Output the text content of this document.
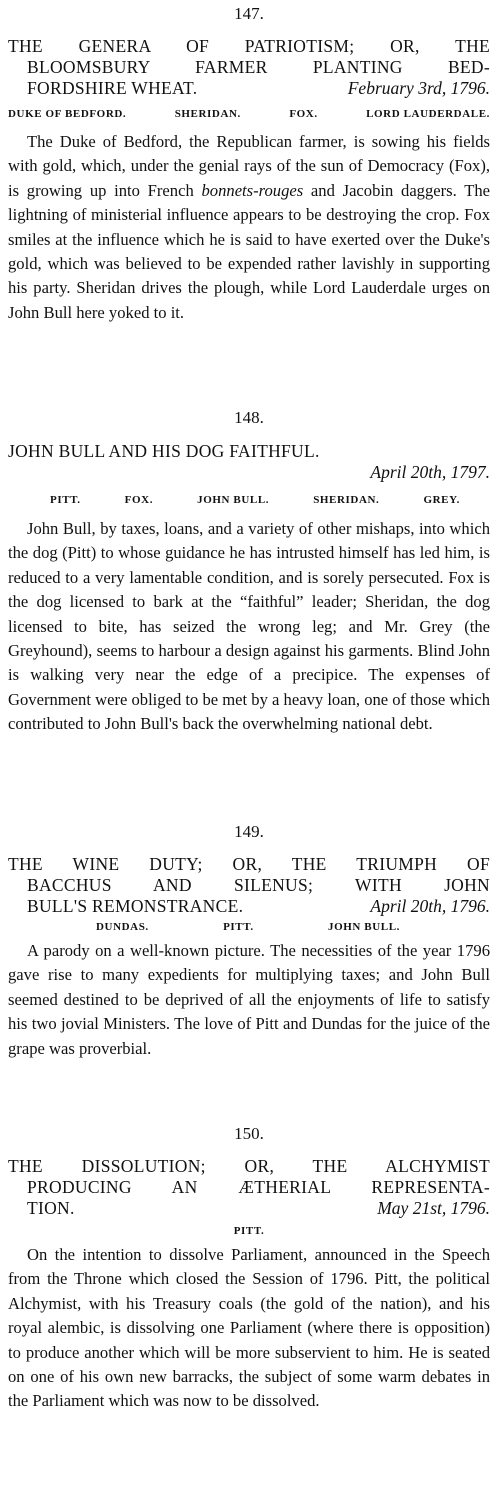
147.
THE GENERA OF PATRIOTISM; OR, THE
BLOOMSBURY FARMER PLANTING BED-
FORDSHIRE WHEAT.	February 3rd, 1796.
DUKE OF BEDFORD.	SHERIDAN.	FOX.	LORD LAUDERDALE.

The Duke of Bedford, the Republican farmer, is sowing his fields with gold, which, under the genial rays of the sun of Democracy (Fox), is growing up into French bonnets-rouges and Jacobin daggers. The lightning of ministerial influence appears to be destroying the crop. Fox smiles at the influence which he is said to have exerted over the Duke's gold, which was believed to be expended rather lavishly in supporting his party. Sheridan drives the plough, while Lord Lauderdale urges on John Bull here yoked to it.

148.
JOHN BULL AND HIS DOG FAITHFUL.
April 20th, 1797.
PITT.	FOX.	JOHN BULL.	SHERIDAN.	GREY.

John Bull, by taxes, loans, and a variety of other mishaps, into which the dog (Pitt) to whose guidance he has intrusted himself has led him, is reduced to a very lamentable condition, and is sorely persecuted. Fox is the dog licensed to bark at the “faithful” leader; Sheridan, the dog licensed to bite, has seized the wrong leg; and Mr. Grey (the Greyhound), seems to harbour a design against his garments. Blind John is walking very near the edge of a precipice. The expenses of Government were obliged to be met by a heavy loan, one of those which contributed to John Bull's back the overwhelming national debt.

149.
THE WINE DUTY; OR, THE TRIUMPH OF
BACCHUS AND SILENUS; WITH JOHN
BULL'S REMONSTRANCE.	April 20th, 1796.
DUNDAS.	PITT.	JOHN BULL.

A parody on a well-known picture. The necessities of the year 1796 gave rise to many expedients for multiplying taxes; and John Bull seemed destined to be deprived of all the enjoyments of life to satisfy his two jovial Ministers. The love of Pitt and Dundas for the juice of the grape was proverbial.

150.
THE DISSOLUTION; OR, THE ALCHYMIST
PRODUCING AN ÆTHERIAL REPRESENTA-
TION.	May 21st, 1796.
PITT.

On the intention to dissolve Parliament, announced in the Speech from the Throne which closed the Session of 1796. Pitt, the political Alchymist, with his Treasury coals (the gold of the nation), and his royal alembic, is dissolving one Parliament (where there is opposition) to produce another which will be more subservient to him. He is seated on one of his own new barracks, the subject of some warm debates in the Parliament which was now to be dissolved.
